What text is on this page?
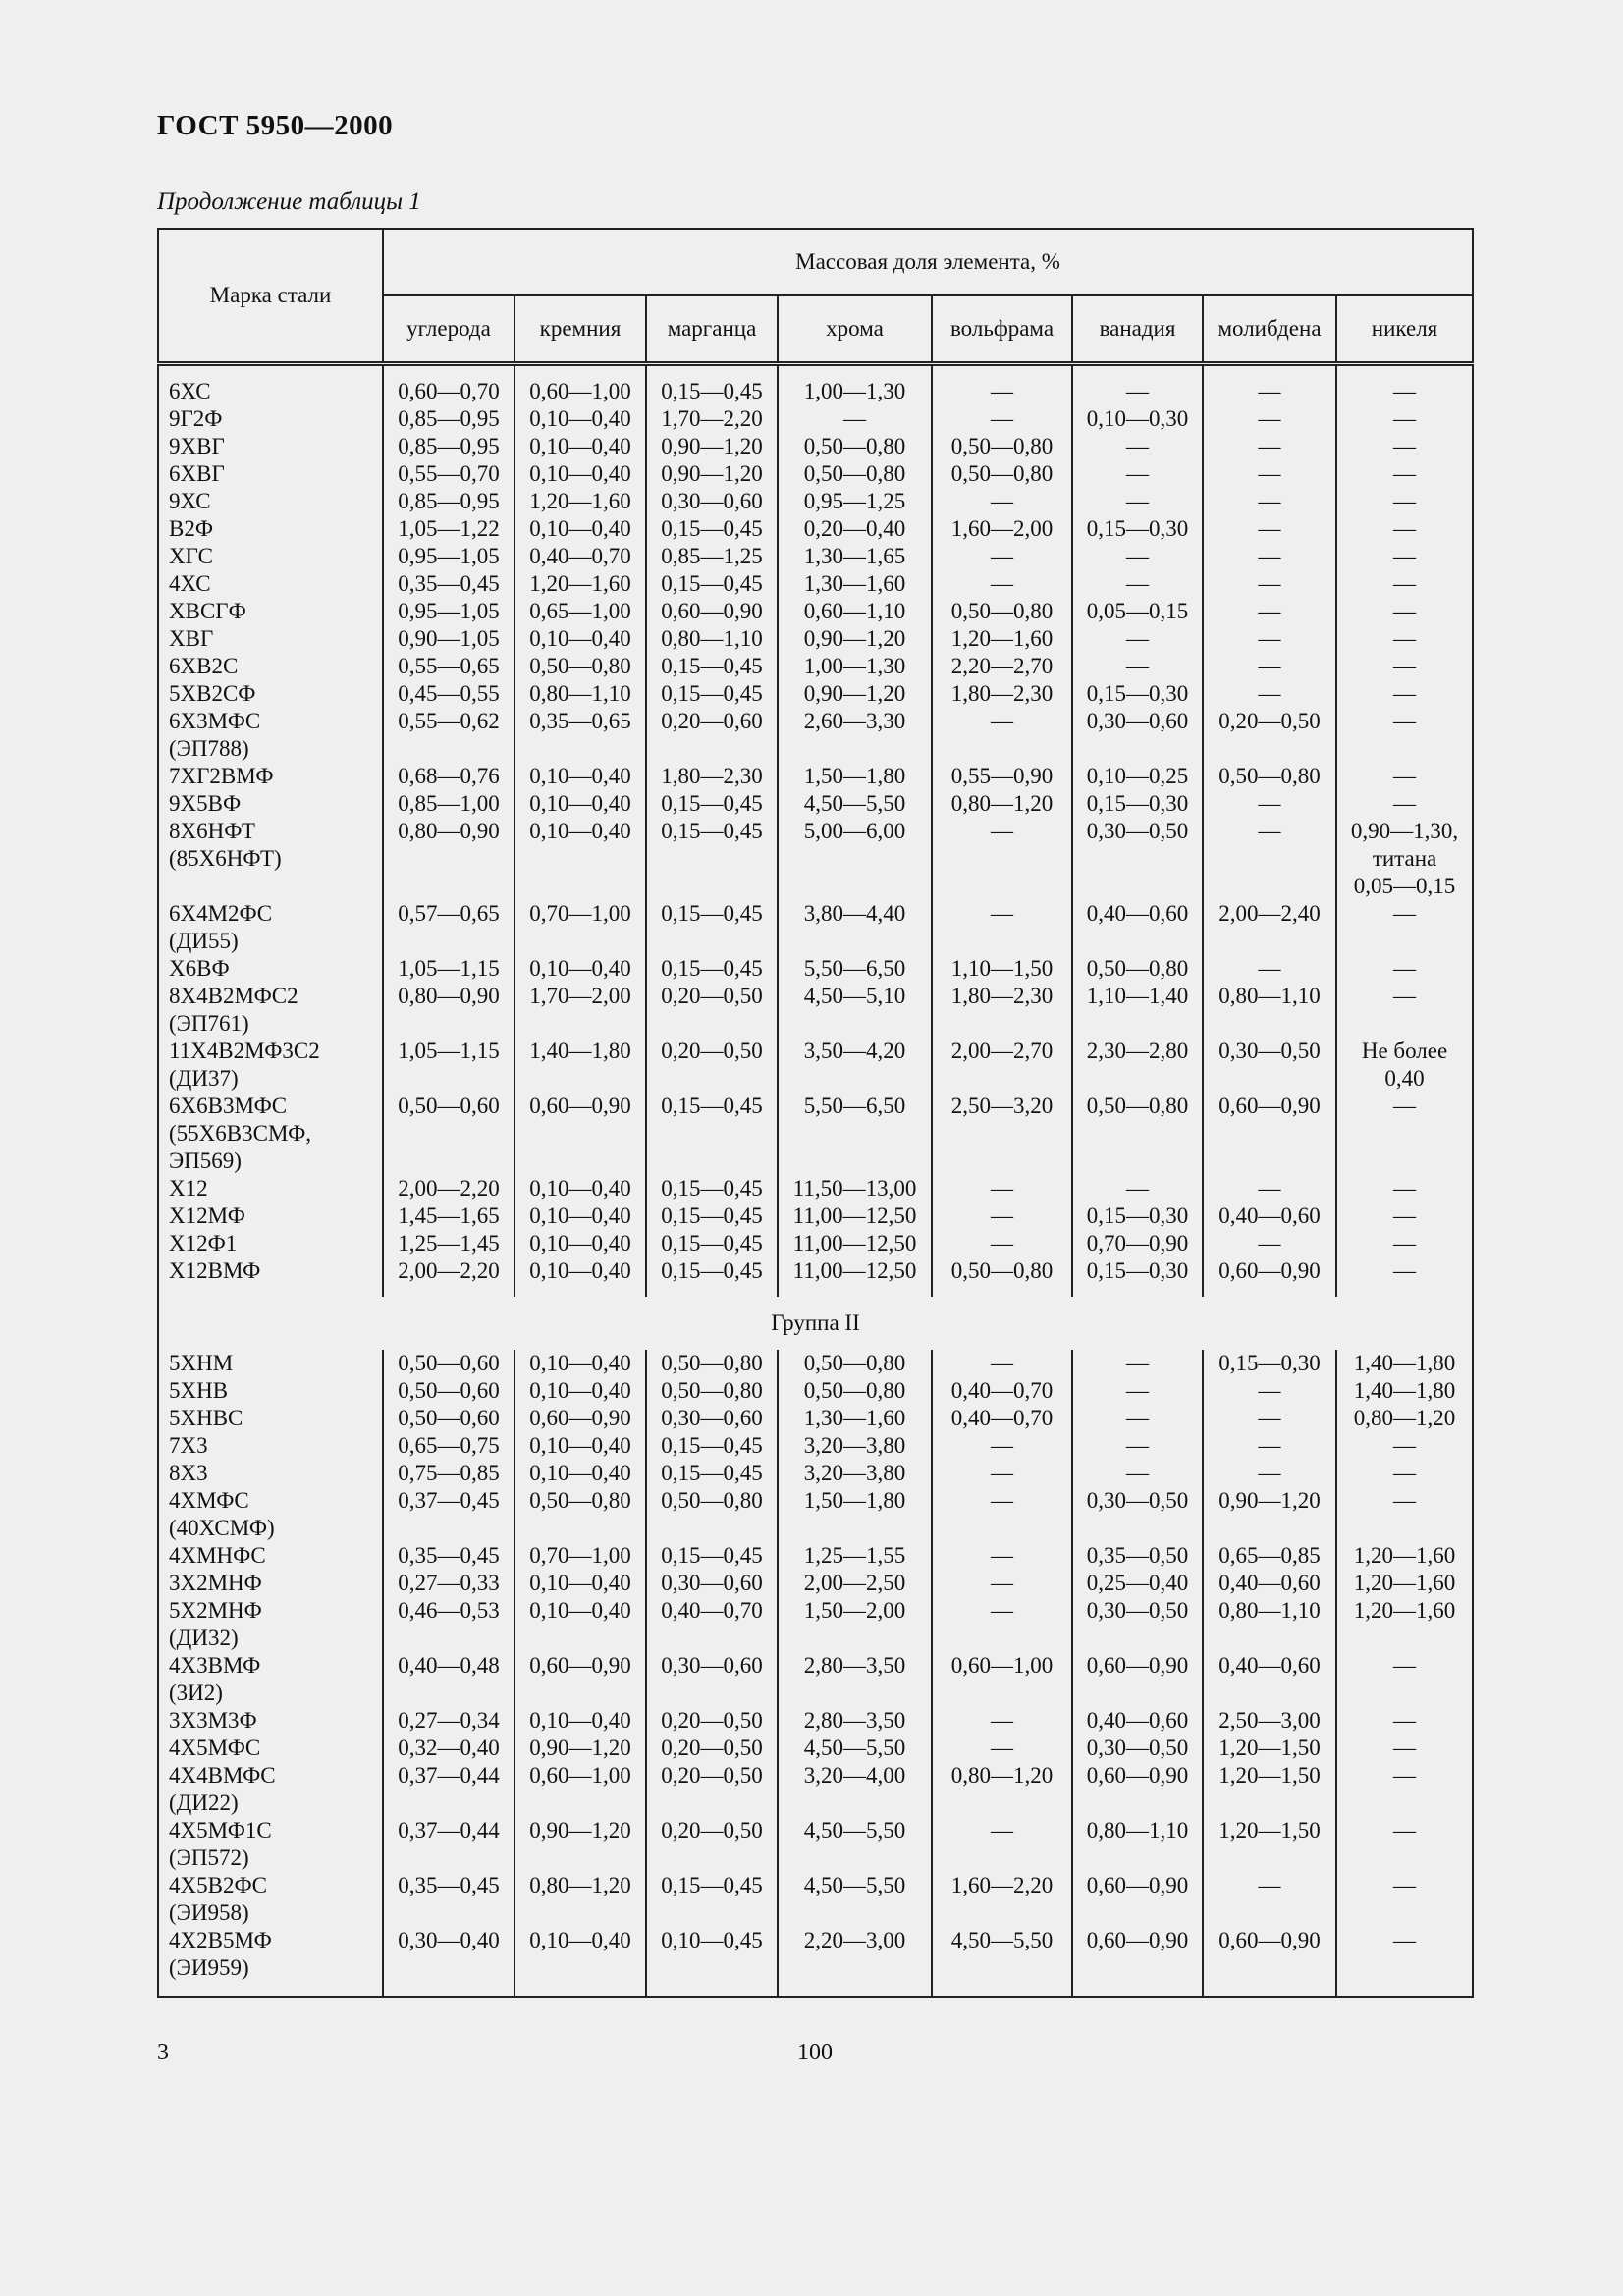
ГОСТ 5950—2000
Продолжение таблицы 1
Марка стали	Массовая доля элемента, %							
	углерода	кремния	марганца	хрома	вольфрама	ванадия	молибдена	никеля

6ХС	0,60—0,70	0,60—1,00	0,15—0,45	1,00—1,30	—	—	—	—

9Г2Ф	0,85—0,95	0,10—0,40	1,70—2,20	—	—	0,10—0,30	—	—

9ХВГ	0,85—0,95	0,10—0,40	0,90—1,20	0,50—0,80	0,50—0,80	—	—	—

6ХВГ	0,55—0,70	0,10—0,40	0,90—1,20	0,50—0,80	0,50—0,80	—	—	—

9ХС	0,85—0,95	1,20—1,60	0,30—0,60	0,95—1,25	—	—	—	—

В2Ф	1,05—1,22	0,10—0,40	0,15—0,45	0,20—0,40	1,60—2,00	0,15—0,30	—	—

ХГС	0,95—1,05	0,40—0,70	0,85—1,25	1,30—1,65	—	—	—	—

4ХС	0,35—0,45	1,20—1,60	0,15—0,45	1,30—1,60	—	—	—	—

ХВСГФ	0,95—1,05	0,65—1,00	0,60—0,90	0,60—1,10	0,50—0,80	0,05—0,15	—	—

ХВГ	0,90—1,05	0,10—0,40	0,80—1,10	0,90—1,20	1,20—1,60	—	—	—

6ХВ2С	0,55—0,65	0,50—0,80	0,15—0,45	1,00—1,30	2,20—2,70	—	—	—

5ХВ2СФ	0,45—0,55	0,80—1,10	0,15—0,45	0,90—1,20	1,80—2,30	0,15—0,30	—	—

6Х3МФС
(ЭП788)	0,55—0,62	0,35—0,65	0,20—0,60	2,60—3,30	—	0,30—0,60	0,20—0,50	—

7ХГ2ВМФ	0,68—0,76	0,10—0,40	1,80—2,30	1,50—1,80	0,55—0,90	0,10—0,25	0,50—0,80	—

9Х5ВФ	0,85—1,00	0,10—0,40	0,15—0,45	4,50—5,50	0,80—1,20	0,15—0,30	—	—

8Х6НФТ
(85Х6НФТ)	0,80—0,90	0,10—0,40	0,15—0,45	5,00—6,00	—	0,30—0,50	—	0,90—1,30,
титана
0,05—0,15

6Х4М2ФС
(ДИ55)	0,57—0,65	0,70—1,00	0,15—0,45	3,80—4,40	—	0,40—0,60	2,00—2,40	—

Х6ВФ	1,05—1,15	0,10—0,40	0,15—0,45	5,50—6,50	1,10—1,50	0,50—0,80	—	—

8Х4В2МФС2
(ЭП761)	0,80—0,90	1,70—2,00	0,20—0,50	4,50—5,10	1,80—2,30	1,10—1,40	0,80—1,10	—

11Х4В2МФ3С2
(ДИ37)	1,05—1,15	1,40—1,80	0,20—0,50	3,50—4,20	2,00—2,70	2,30—2,80	0,30—0,50	Не более
0,40

6Х6В3МФС
(55Х6В3СМФ,
ЭП569)	0,50—0,60	0,60—0,90	0,15—0,45	5,50—6,50	2,50—3,20	0,50—0,80	0,60—0,90	—

Х12	2,00—2,20	0,10—0,40	0,15—0,45	11,50—13,00	—	—	—	—

Х12МФ	1,45—1,65	0,10—0,40	0,15—0,45	11,00—12,50	—	0,15—0,30	0,40—0,60	—

Х12Ф1	1,25—1,45	0,10—0,40	0,15—0,45	11,00—12,50	—	0,70—0,90	—	—

Х12ВМФ	2,00—2,20	0,10—0,40	0,15—0,45	11,00—12,50	0,50—0,80	0,15—0,30	0,60—0,90	—

Группа II								

5ХНМ	0,50—0,60	0,10—0,40	0,50—0,80	0,50—0,80	—	—	0,15—0,30	1,40—1,80

5ХНВ	0,50—0,60	0,10—0,40	0,50—0,80	0,50—0,80	0,40—0,70	—	—	1,40—1,80

5ХНВС	0,50—0,60	0,60—0,90	0,30—0,60	1,30—1,60	0,40—0,70	—	—	0,80—1,20

7Х3	0,65—0,75	0,10—0,40	0,15—0,45	3,20—3,80	—	—	—	—

8Х3	0,75—0,85	0,10—0,40	0,15—0,45	3,20—3,80	—	—	—	—

4ХМФС
(40ХСМФ)	0,37—0,45	0,50—0,80	0,50—0,80	1,50—1,80	—	0,30—0,50	0,90—1,20	—

4ХМНФС	0,35—0,45	0,70—1,00	0,15—0,45	1,25—1,55	—	0,35—0,50	0,65—0,85	1,20—1,60

3Х2МНФ	0,27—0,33	0,10—0,40	0,30—0,60	2,00—2,50	—	0,25—0,40	0,40—0,60	1,20—1,60

5Х2МНФ
(ДИ32)	0,46—0,53	0,10—0,40	0,40—0,70	1,50—2,00	—	0,30—0,50	0,80—1,10	1,20—1,60

4Х3ВМФ
(3И2)	0,40—0,48	0,60—0,90	0,30—0,60	2,80—3,50	0,60—1,00	0,60—0,90	0,40—0,60	—

3Х3М3Ф	0,27—0,34	0,10—0,40	0,20—0,50	2,80—3,50	—	0,40—0,60	2,50—3,00	—

4Х5МФС	0,32—0,40	0,90—1,20	0,20—0,50	4,50—5,50	—	0,30—0,50	1,20—1,50	—

4Х4ВМФС
(ДИ22)	0,37—0,44	0,60—1,00	0,20—0,50	3,20—4,00	0,80—1,20	0,60—0,90	1,20—1,50	—

4Х5МФ1С
(ЭП572)	0,37—0,44	0,90—1,20	0,20—0,50	4,50—5,50	—	0,80—1,10	1,20—1,50	—

4Х5В2ФС
(ЭИ958)	0,35—0,45	0,80—1,20	0,15—0,45	4,50—5,50	1,60—2,20	0,60—0,90	—	—

4Х2В5МФ
(ЭИ959)	0,30—0,40	0,10—0,40	0,10—0,45	2,20—3,00	4,50—5,50	0,60—0,90	0,60—0,90	—

3	100
